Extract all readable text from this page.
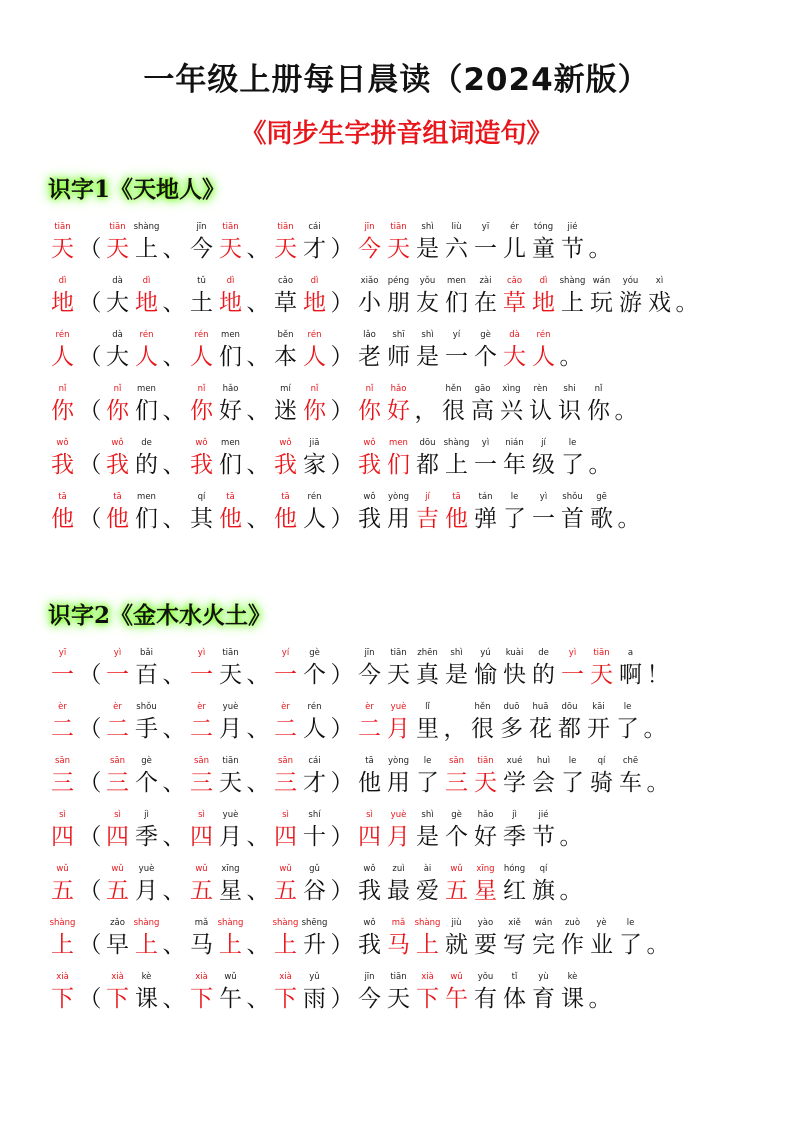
一年级上册每日晨读（2024新版）
《同步生字拼音组词造句》
识字1《天地人》
tiān
天 （
tiān
天
shàng
上 、
jīn
今
tiān
天 、
tiān
天
cái
才 ）
jīn
今
tiān
天
shì
是
liù
六
yī
一
ér
儿
tóng
童
jié
节 。
dì
地 （
dà
大
dì
地 、
tǔ
土
dì
地 、
cǎo
草
dì
地 ）
xiǎo
小
péng
朋
yǒu
友
men
们
zài
在
cǎo
草
dì
地
shàng
上
wán
玩
yóu
游
xì
戏 。
rén
人 （
dà
大
rén
人 、
rén
人
men
们 、
běn
本
rén
人 ）
lǎo
老
shī
师
shì
是
yí
一
gè
个
dà
大
rén
人 。
nǐ
你 （
nǐ
你
men
们 、
nǐ
你
hǎo
好 、
mí
迷
nǐ
你 ）
nǐ
你
hǎo
好 ，
hěn
很
gāo
高
xìng
兴
rèn
认
shi
识
nǐ
你 。
wǒ
我 （
wǒ
我
de
的 、
wǒ
我
men
们 、
wǒ
我
jiā
家 ）
wǒ
我
men
们
dōu
都
shàng
上
yì
一
nián
年
jí
级
le
了 。
tā
他 （
tā
他
men
们 、
qí
其
tā
他 、
tā
他
rén
人 ）
wǒ
我
yòng
用
jí
吉
tā
他
tán
弹
le
了
yì
一
shǒu
首
gē
歌 。
识字2《金木水火土》
yī
一 （
yì
一
bǎi
百 、
yì
一
tiān
天 、
yí
一
gè
个 ）
jīn
今
tiān
天
zhēn
真
shì
是
yú
愉
kuài
快
de
的
yì
一
tiān
天
a
啊 ！
èr
二 （
èr
二
shǒu
手 、
èr
二
yuè
月 、
èr
二
rén
人 ）
èr
二
yuè
月
lǐ
里 ，
hěn
很
duō
多
huā
花
dōu
都
kāi
开
le
了 。
sān
三 （
sān
三
gè
个 、
sān
三
tiān
天 、
sān
三
cái
才 ）
tā
他
yòng
用
le
了
sān
三
tiān
天
xué
学
huì
会
le
了
qí
骑
chē
车 。
sì
四 （
sì
四
jì
季 、
sì
四
yuè
月 、
sì
四
shí
十 ）
sì
四
yuè
月
shì
是
gè
个
hǎo
好
jì
季
jié
节 。
wǔ
五 （
wǔ
五
yuè
月 、
wǔ
五
xīng
星 、
wǔ
五
gǔ
谷 ）
wǒ
我
zuì
最
ài
爱
wǔ
五
xīng
星
hóng
红
qí
旗 。
shàng
上 （
zǎo
早
shàng
上 、
mǎ
马
shàng
上 、
shàng
上
shēng
升 ）
wǒ
我
mǎ
马
shàng
上
jiù
就
yào
要
xiě
写
wán
完
zuò
作
yè
业
le
了 。
xià
下 （
xià
下
kè
课 、
xià
下
wǔ
午 、
xià
下
yǔ
雨 ）
jīn
今
tiān
天
xià
下
wǔ
午
yǒu
有
tǐ
体
yù
育
kè
课 。
